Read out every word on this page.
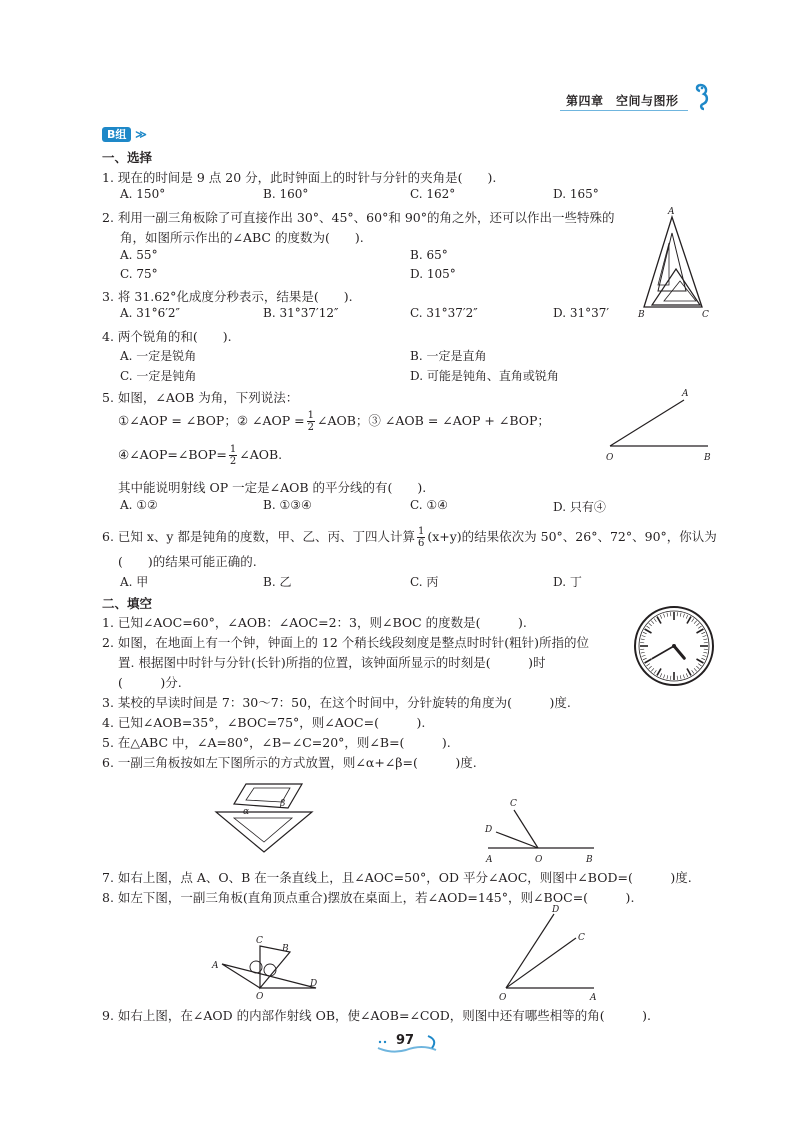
第四章　 空间与图形
B组 ≫
一、选择
1. 现在的时间是 9 点 20 分，此时钟面上的时针与分针的夹角是(　　).
A. 150°	B. 160°	C. 162°	D. 165°
2. 利用一副三角板除了可直接作出 30°、45°、60°和 90°的角之外，还可以作出一些特殊的
角，如图所示作出的∠ABC 的度数为(　　).
A. 55°	B. 65°
C. 75°	D. 105°
A
B	C
3. 将 31.62°化成度分秒表示，结果是(　　).
A. 31°6′2″	B. 31°37′12″	C. 31°37′2″	D. 31°37′
4. 两个锐角的和(　　).
A. 一定是锐角	B. 一定是直角
C. 一定是钝角	D. 可能是钝角、直角或锐角
5. 如图，∠AOB 为角，下列说法：
①∠AOP = ∠BOP；② ∠AOP = $\frac{1}{2}$ ∠AOB；③ ∠AOB = ∠AOP + ∠BOP；
④∠AOP=∠BOP= $\frac{1}{2}$ ∠AOB.
其中能说明射线 OP 一定是∠AOB 的平分线的有(　　).
A. ①②	B. ①③④	C. ①④	D. 只有④
A
O	B
6. 已知 x、y 都是钝角的度数，甲、乙、丙、丁四人计算 $\frac{1}{6} (x+y)$的结果依次为 50°、26°、72°、90°，你认为
(　　)的结果可能正确的.
A. 甲	B. 乙	C. 丙	D. 丁
二、填空
1. 已知∠AOC=60°，∠AOB：∠AOC=2：3，则∠BOC 的度数是(　　　).
2. 如图，在地面上有一个钟，钟面上的 12 个稍长线段刻度是整点时时针(粗针)所指的位
置. 根据图中时针与分针(长针)所指的位置，该钟面所显示的时刻是(　　　)时
(　　　)分.
3. 某校的早读时间是 7：30～7：50，在这个时间中，分针旋转的角度为(　　　)度.
4. 已知∠AOB=35°，∠BOC=75°，则∠AOC=(　　　).
5. 在△ABC 中，∠A=80°，∠B−∠C=20°，则∠B=(　　　).
6. 一副三角板按如左下图所示的方式放置，则∠α+∠β=(　　　)度.
α
β	C
D
A	O	B
7. 如右上图，点 A、O、B 在一条直线上，且∠AOC=50°，OD 平分∠AOC，则图中∠BOD=(　　　)度.
8. 如左下图，一副三角板(直角顶点重合)摆放在桌面上，若∠AOD=145°，则∠BOC=(　　　).
C
B
A
D
O
D
C
O	A
9. 如右上图，在∠AOD 的内部作射线 OB，使∠AOB=∠COD，则图中还有哪些相等的角(　　　).
97
